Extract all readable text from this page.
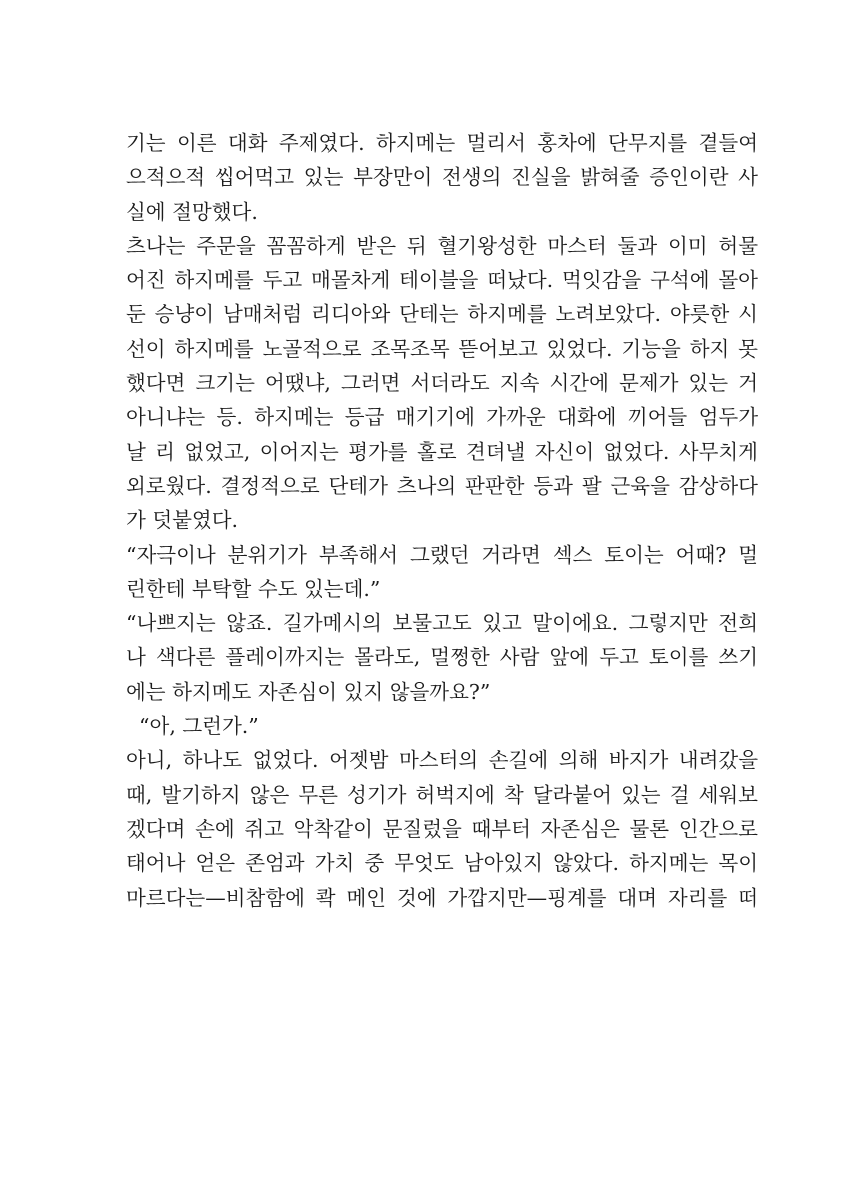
기는 이른 대화 주제였다. 하지메는 멀리서 홍차에 단무지를 곁들여
으적으적 씹어먹고 있는 부장만이 전생의 진실을 밝혀줄 증인이란 사
실에 절망했다.
츠나는 주문을 꼼꼼하게 받은 뒤 혈기왕성한 마스터 둘과 이미 허물
어진 하지메를 두고 매몰차게 테이블을 떠났다. 먹잇감을 구석에 몰아
둔 승냥이 남매처럼 리디아와 단테는 하지메를 노려보았다. 야릇한 시
선이 하지메를 노골적으로 조목조목 뜯어보고 있었다. 기능을 하지 못
했다면 크기는 어땠냐, 그러면 서더라도 지속 시간에 문제가 있는 거
아니냐는 등. 하지메는 등급 매기기에 가까운 대화에 끼어들 엄두가
날 리 없었고, 이어지는 평가를 홀로 견뎌낼 자신이 없었다. 사무치게
외로웠다. 결정적으로 단테가 츠나의 판판한 등과 팔 근육을 감상하다
가 덧붙였다.
“자극이나 분위기가 부족해서 그랬던 거라면 섹스 토이는 어때? 멀
린한테 부탁할 수도 있는데.”
“나쁘지는 않죠. 길가메시의 보물고도 있고 말이에요. 그렇지만 전희
나 색다른 플레이까지는 몰라도, 멀쩡한 사람 앞에 두고 토이를 쓰기
에는 하지메도 자존심이 있지 않을까요?”
“아, 그런가.”
아니, 하나도 없었다. 어젯밤 마스터의 손길에 의해 바지가 내려갔을
때, 발기하지 않은 무른 성기가 허벅지에 착 달라붙어 있는 걸 세워보
겠다며 손에 쥐고 악착같이 문질렀을 때부터 자존심은 물론 인간으로
태어나 얻은 존엄과 가치 중 무엇도 남아있지 않았다. 하지메는 목이
마르다는—비참함에 콱 메인 것에 가깝지만—핑계를 대며 자리를 떠
